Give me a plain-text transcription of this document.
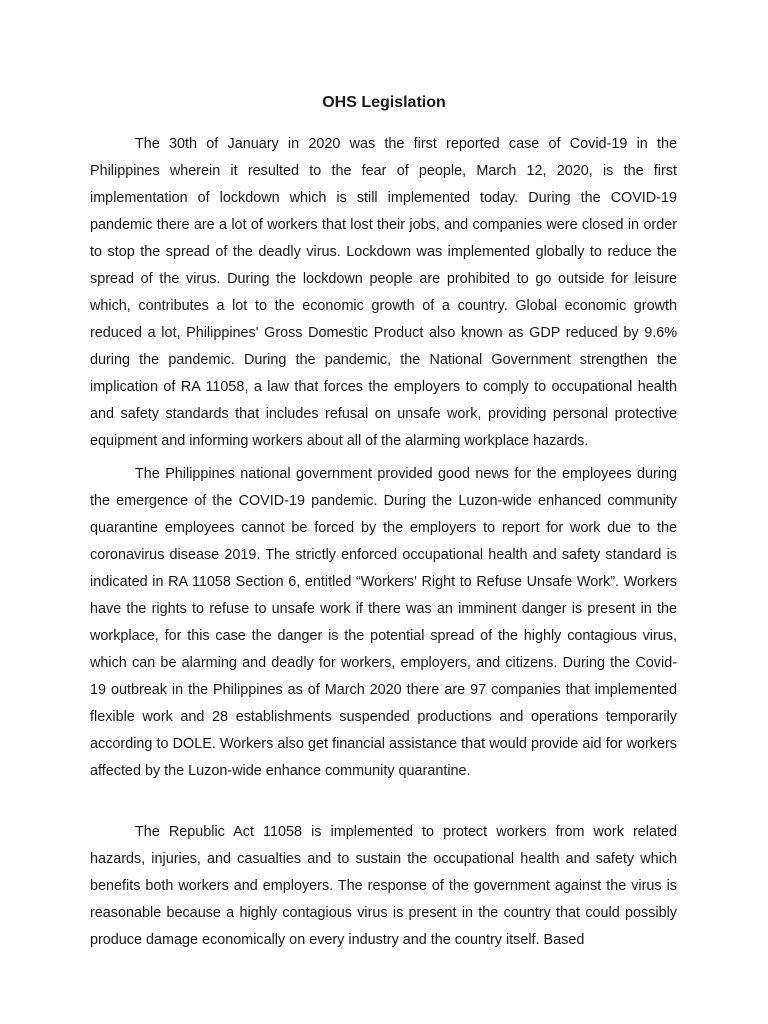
OHS Legislation

The 30th of January in 2020 was the first reported case of Covid-19 in the Philippines wherein it resulted to the fear of people, March 12, 2020, is the first implementation of lockdown which is still implemented today. During the COVID-19 pandemic there are a lot of workers that lost their jobs, and companies were closed in order to stop the spread of the deadly virus. Lockdown was implemented globally to reduce the spread of the virus. During the lockdown people are prohibited to go outside for leisure which, contributes a lot to the economic growth of a country. Global economic growth reduced a lot, Philippines' Gross Domestic Product also known as GDP reduced by 9.6% during the pandemic. During the pandemic, the National Government strengthen the implication of RA 11058, a law that forces the employers to comply to occupational health and safety standards that includes refusal on unsafe work, providing personal protective equipment and informing workers about all of the alarming workplace hazards.

The Philippines national government provided good news for the employees during the emergence of the COVID-19 pandemic. During the Luzon-wide enhanced community quarantine employees cannot be forced by the employers to report for work due to the coronavirus disease 2019. The strictly enforced occupational health and safety standard is indicated in RA 11058 Section 6, entitled “Workers' Right to Refuse Unsafe Work”. Workers have the rights to refuse to unsafe work if there was an imminent danger is present in the workplace, for this case the danger is the potential spread of the highly contagious virus, which can be alarming and deadly for workers, employers, and citizens. During the Covid-19 outbreak in the Philippines as of March 2020 there are 97 companies that implemented flexible work and 28 establishments suspended productions and operations temporarily according to DOLE. Workers also get financial assistance that would provide aid for workers affected by the Luzon-wide enhance community quarantine.

The Republic Act 11058 is implemented to protect workers from work related hazards, injuries, and casualties and to sustain the occupational health and safety which benefits both workers and employers. The response of the government against the virus is reasonable because a highly contagious virus is present in the country that could possibly produce damage economically on every industry and the country itself. Based
